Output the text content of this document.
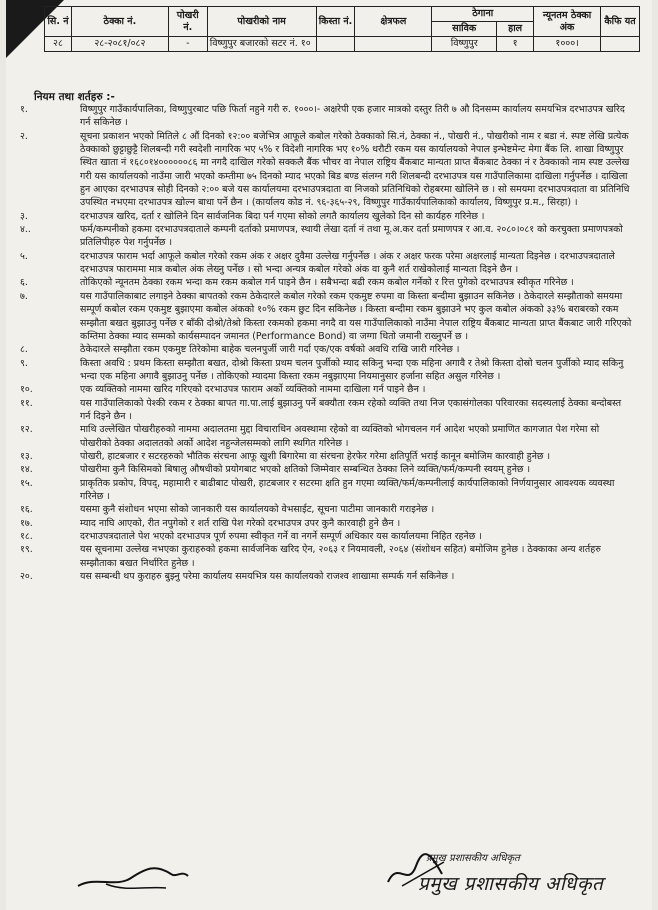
सि. नं	ठेक्का नं.	पोखरी नं.	पोखरीको नाम	किस्ता नं.	क्षेत्रफल	ठेगाना		न्यूनतम ठेक्का अंक	कैफि यत
						साविक	हाल		
२८	२८-२०८१/०८२	-	विष्णुपुर बजारको सटर नं. १०			विष्णुपुर	१	१०००।	
नियम तथा शर्तहरु :-
१.	विष्णुपुर गाउँकार्यपालिका, विष्णुपुरबाट पछि फिर्ता नहुने गरी रु. १०००।- अक्षरेपी एक हजार मात्रको दस्तुर तिरी ७ औ दिनसम्म कार्यालय समयभित्र दरभाउपत्र खरिद गर्न सकिनेछ ।
२.	सूचना प्रकाशन भएको मितिले ८ औं दिनको १२:०० बजेभित्र आफूले कबोल गरेको ठेक्काको सि.नं, ठेक्का नं., पोखरी नं., पोखरीको नाम र बडा नं. स्पष्ट लेखि प्रत्येक ठेक्काको छुट्टाछुट्टै शिलबन्दी गरी स्वदेशी नागरिक भए ५% र विदेशी नागरिक भए १०% धरौटी रकम यस कार्यालयको नेपाल इन्भेष्टमेन्ट मेगा बैंक लि. शाखा विष्णुपुर स्थित खाता नं १६८०१४००००००८६ मा नगदै दाखिल गरेको सक्कलै बैंक भौचर वा नेपाल राष्ट्रिय बैंकबाट मान्यता प्राप्त बैंकबाट ठेक्का नं र ठेक्काको नाम स्पष्ट उल्लेख गरी यस कार्यालयको नाउँमा जारी भएको कम्तीमा ७५ दिनको म्याद भएको बिड बण्ड संलग्न गरी शिलबन्दी दरभाउपत्र यस गाउँपालिकामा दाखिला गर्नुपर्नेछ । दाखिला हुन आएका दरभाउपत्र सोही दिनको २:०० बजे यस कार्यालयमा दरभाउपत्रदाता वा निजको प्रतिनिधिको रोहबरमा खोलिने छ । सो समयमा दरभाउपत्रदाता वा प्रतिनिधि उपस्थित नभएमा दरभाउपत्र खोल्न बाधा पर्ने छैन । (कार्यालय कोड नं. ९६-३६५-२९, विष्णुपुर गाउँकार्यपालिकाको कार्यालय, विष्णुपुर प्र.म., सिरहा) ।
३.	दरभाउपत्र खरिद, दर्ता र खोलिने दिन सार्वजनिक बिदा पर्न गएमा सोको लगतै कार्यालय खुलेको दिन सो कार्यहरु गरिनेछ ।
४..	फर्म/कम्पनीको हकमा दरभाउपत्रदाताले कम्पनी दर्ताको प्रमाणपत्र, स्थायी लेखा दर्ता नं तथा मू.अ.कर दर्ता प्रमाणपत्र र आ.व. २०८०।०८१ को करचुक्ता प्रमाणपत्रको प्रतिलिपीहरु पेश गर्नुपर्नेछ ।
५.	दरभाउपत्र फाराम भर्दा आफूले कबोल गरेको रकम अंक र अक्षर दुवैमा उल्लेख गर्नुपर्नेछ । अंक र अक्षर फरक परेमा अक्षरलाई मान्यता दिइनेछ । दरभाउपत्रदाताले दरभाउपत्र फाराममा मात्र कबोल अंक लेख्नु पर्नेछ । सो भन्दा अन्यत्र कबोल गरेको अंक वा कुनै शर्त राखेकोलाई मान्यता दिइने छैन ।
६.	तोकिएको न्यूनतम ठेक्का रकम भन्दा कम रकम कबोल गर्न पाइने छैन । सबैभन्दा बढी रकम कबोल गर्नेको र रित्त पुगेको दरभाउपत्र स्वीकृत गरिनेछ ।
७.	यस गाउँपालिकाबाट लगाइने ठेक्का बापतको रकम ठेकेदारले कबोल गरेको रकम एकमुष्ट रुपमा वा किस्ता बन्दीमा बुझाउन सकिनेछ । ठेकेदारले सम्झौताको समयमा सम्पूर्ण कबोल रकम एकमुष्ट बुझाएमा कबोल अंकको १०% रकम छुट दिन सकिनेछ । किस्ता बन्दीमा रकम बुझाउने भए कुल कबोल अंकको ३३% बराबरको रकम सम्झौता बखत बुझाउनु पर्नेछ र बाँकी दोश्रो/तेश्रो किस्ता रकमको हकमा नगदै वा यस गाउँपालिकाको नाउँमा नेपाल राष्ट्रिय बैंकबाट मान्यता प्राप्त बैंकबाट जारी गरिएको कम्तिमा ठेक्का म्याद सम्मको कार्यसम्पादन जमानत (Performance Bond) वा जग्गा धितो जमानी राख्नुपर्ने छ ।
८.	ठेकेदारले सम्झौता रकम एकमुष्ट तिरेकोमा बाहेक चलनपुर्जी जारी गर्दा एक/एक वर्षको अवधि राखि जारी गरिनेछ ।
९.	किस्ता अवधि : प्रथम किस्ता सम्झौता बखत, दोश्रो किस्ता प्रथम चलन पुर्जीको म्याद सकिनु भन्दा एक महिना अगावै र तेश्रो किस्ता दोस्रो चलन पुर्जीको म्याद सकिनु भन्दा एक महिना अगावै बुझाउनु पर्नेछ । तोकिएको म्यादमा किस्ता रकम नबुझाएमा नियमानुसार हर्जाना सहित असुल गरिनेछ ।
१०.	एक व्यक्तिको नाममा खरिद गरिएको दरभाउपत्र फाराम अर्को व्यक्तिको नाममा दाखिला गर्न पाइने छैन ।
११.	यस गाउँपालिकाको पेश्की रकम र ठेक्का बापत गा.पा.लाई बुझाउनु पर्ने बक्यौता रकम रहेको व्यक्ति तथा निज एकासंगोलका परिवारका सदस्यलाई ठेक्का बन्दोबस्त गर्न दिइने छैन ।
१२.	माथि उल्लेखित पोखरीहरुको नाममा अदालतमा मुद्दा विचाराधिन अवस्थामा रहेको वा व्यक्तिको भोगचलन गर्न आदेश भएको प्रमाणित कागजात पेश गरेमा सो पोखरीको ठेक्का अदालतको अर्को आदेश नहुन्जेलसम्मको लागि स्थगित गरिनेछ ।
१३.	पोखरी, हाटबजार र सटरहरुको भौतिक संरचना आफू खुशी बिगारेमा वा संरचना हेरफेर गरेमा क्षतिपूर्ति भराई कानून बमोजिम कारवाही हुनेछ ।
१४.	पोखरीमा कुनै किसिमको बिषालु औषधीको प्रयोगबाट भएको क्षतिको जिम्मेवार सम्बन्धित ठेक्का लिने व्यक्ति/फर्म/कम्पनी स्वयम् हुनेछ ।
१५.	प्राकृतिक प्रकोप, विपद्, महामारी र बाढीबाट पोखरी, हाटबजार र सटरमा क्षति हुन गएमा व्यक्ति/फर्म/कम्पनीलाई कार्यपालिकाको निर्णयानुसार आवश्यक व्यवस्था गरिनेछ ।
१६.	यसमा कुनै संशोधन भएमा सोको जानकारी यस कार्यालयको वेभसाईट, सूचना पाटीमा जानकारी गराइनेछ ।
१७.	म्याद नाघि आएको, रीत नपुगेको र शर्त राखि पेश गरेको दरभाउपत्र उपर कुनै कारवाही हुने छैन ।
१८.	दरभाउपत्रदाताले पेश भएको दरभाउपत्र पूर्ण रुपमा स्वीकृत गर्ने वा नगर्ने सम्पूर्ण अधिकार यस कार्यालयमा निहित रहनेछ ।
१९.	यस सूचनामा उल्लेख नभएका कुराहरुको हकमा सार्वजनिक खरिद ऐन, २०६३ र नियमावली, २०६४ (संशोधन सहित) बमोजिम हुनेछ । ठेक्काका अन्य शर्तहरु सम्झौताका बखत निर्धारित हुनेछ ।
२०.	यस सम्बन्धी थप कुराहरु बुझ्नु परेमा कार्यालय समयभित्र यस कार्यालयको राजश्व शाखामा सम्पर्क गर्न सकिनेछ ।
प्रमुख प्रशासकीय अधिकृत
प्रमुख प्रशासकीय अधिकृत
